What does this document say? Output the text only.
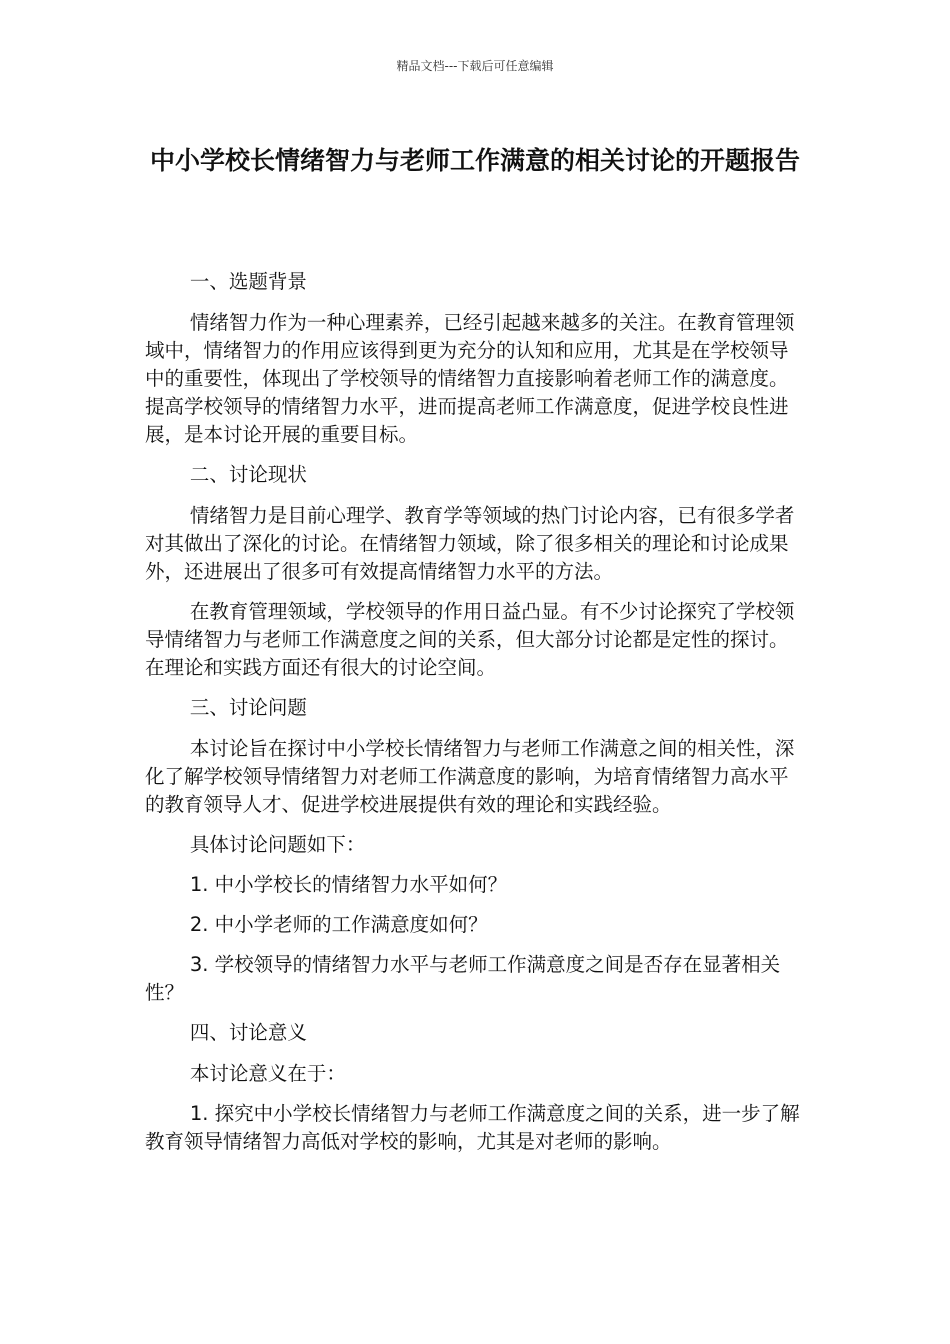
精品文档---下载后可任意编辑
中小学校长情绪智力与老师工作满意的相关讨论的开题报告

一、选题背景

情绪智力作为一种心理素养，已经引起越来越多的关注。在教育管理领域中，情绪智力的作用应该得到更为充分的认知和应用，尤其是在学校领导中的重要性，体现出了学校领导的情绪智力直接影响着老师工作的满意度。提高学校领导的情绪智力水平，进而提高老师工作满意度，促进学校良性进展，是本讨论开展的重要目标。

二、讨论现状

情绪智力是目前心理学、教育学等领域的热门讨论内容，已有很多学者对其做出了深化的讨论。在情绪智力领域，除了很多相关的理论和讨论成果外，还进展出了很多可有效提高情绪智力水平的方法。

在教育管理领域，学校领导的作用日益凸显。有不少讨论探究了学校领导情绪智力与老师工作满意度之间的关系，但大部分讨论都是定性的探讨。在理论和实践方面还有很大的讨论空间。

三、讨论问题

本讨论旨在探讨中小学校长情绪智力与老师工作满意之间的相关性，深化了解学校领导情绪智力对老师工作满意度的影响，为培育情绪智力高水平的教育领导人才、促进学校进展提供有效的理论和实践经验。

具体讨论问题如下：

1. 中小学校长的情绪智力水平如何？

2. 中小学老师的工作满意度如何？

3. 学校领导的情绪智力水平与老师工作满意度之间是否存在显著相关性？

四、讨论意义

本讨论意义在于：

1. 探究中小学校长情绪智力与老师工作满意度之间的关系，进一步了解教育领导情绪智力高低对学校的影响，尤其是对老师的影响。
